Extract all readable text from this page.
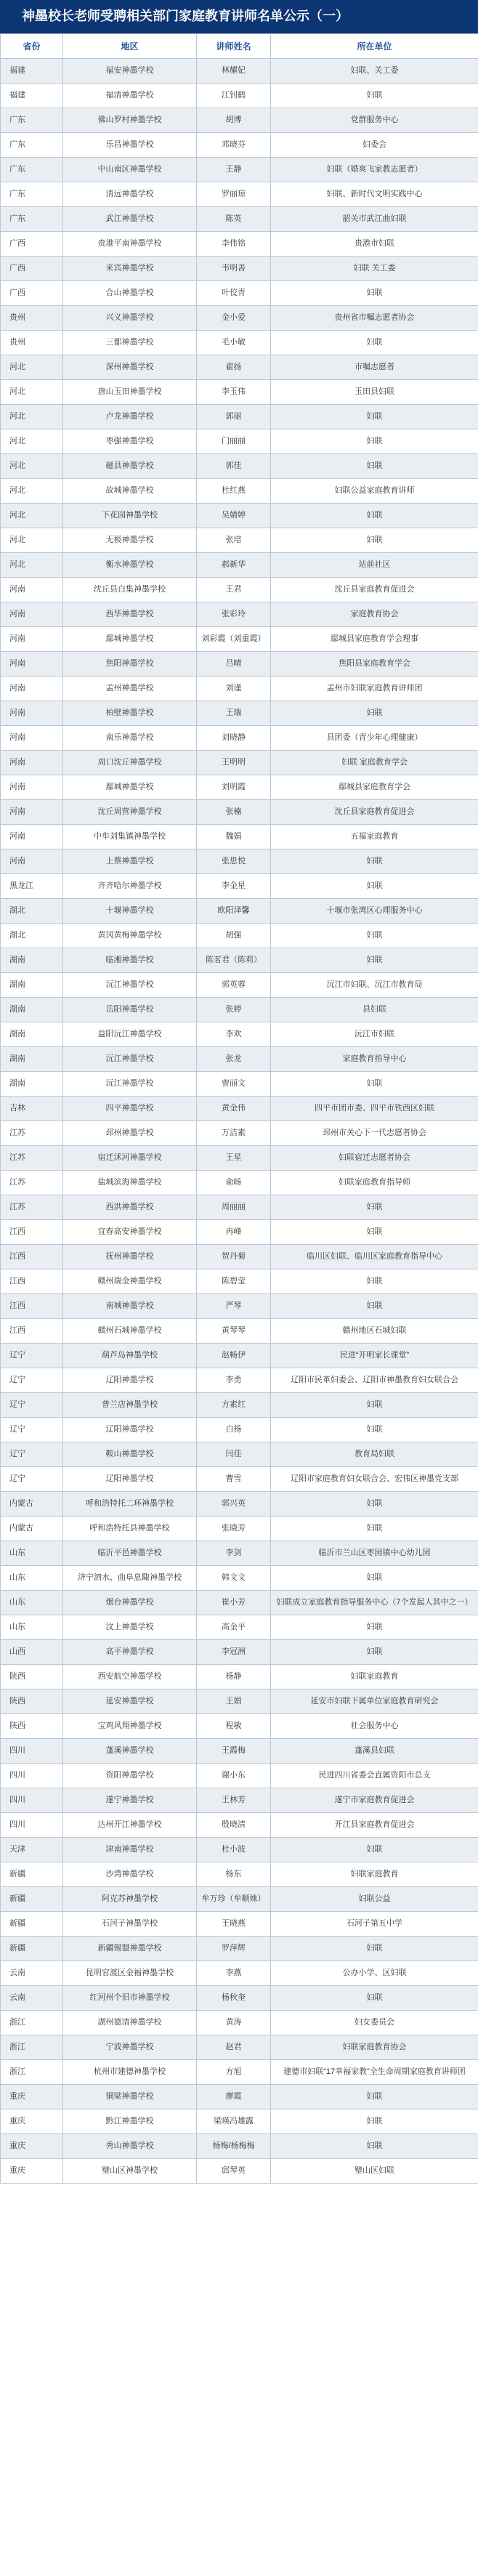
神墨校长老师受聘相关部门家庭教育讲师名单公示（一）
省份	地区	讲师姓名	所在单位
福建	福安神墨学校	林耀妃	妇联、关工委
福建	福清神墨学校	江钊鹤	妇联
广东	佛山罗村神墨学校	胡博	党群服务中心
广东	乐昌神墨学校	邓晓芬	妇委会
广东	中山南区神墨学校	王静	妇联（婚爽飞家教志愿者）
广东	清远神墨学校	罗丽琼	妇联、新时代文明实践中心
广东	武江神墨学校	陈英	韶关市武江曲妇联
广西	贵港平南神墨学校	李伟铭	贵港市妇联
广西	来宾神墨学校	韦明善	妇联 关工委
广西	合山神墨学校	叶佼青	妇联
贵州	兴义神墨学校	金小爱	贵州省市嘱志愿者协会
贵州	三都神墨学校	毛小敏	妇联
河北	深州神墨学校	翟扬	市嘱志愿者
河北	唐山玉田神墨学校	李玉伟	玉田县妇联
河北	卢龙神墨学校	郭丽	妇联
河北	枣强神墨学校	门丽丽	妇联
河北	磁县神墨学校	郭佳	妇联
河北	故城神墨学校	杜红燕	妇联公益家庭教育讲师
河北	下花园神墨学校	吴婧婷	妇联
河北	无极神墨学校	张培	妇联
河北	衡水神墨学校	郝新华	站前社区
河南	沈丘县白集神墨学校	王君	沈丘县家庭教育促进会
河南	西华神墨学校	张彩玲	家庭教育协会
河南	鄢城神墨学校	刘彩霞（刘重霞）	鄢城县家庭教育学会理事
河南	焦阳神墨学校	吕晴	焦阳县家庭教育学会
河南	孟州神墨学校	刘谨	孟州市妇联家庭教育讲师团
河南	柏壁神墨学校	王瑞	妇联
河南	南乐神墨学校	刘晓静	县团委（青少年心理健康）
河南	周口沈丘神墨学校	王明明	妇联 家庭教育学会
河南	鄢城神墨学校	刘明霞	鄢城县家庭教育学会
河南	沈丘周营神墨学校	张楠	沈丘县家庭教育促进会
河南	中牟刘集镇神墨学校	魏娟	五福家庭教育
河南	上蔡神墨学校	张思悦	妇联
黑龙江	齐齐哈尔神墨学校	李金星	妇联
湖北	十堰神墨学校	欧阳泽馨	十堰市张湾区心理服务中心
湖北	黄冈黄梅神墨学校	胡强	妇联
湖南	临湘神墨学校	陈茗君（陈莉）	妇联
湖南	沅江神墨学校	郭英蓉	沅江市妇联、沅江市教育局
湖南	岳阳神墨学校	张婷	县妇联
湖南	益阳沅江神墨学校	李欢	沅江市妇联
湖南	沅江神墨学校	张龙	家庭教育指导中心
湖南	沅江神墨学校	曾丽文	妇联
吉林	四平神墨学校	黄金伟	四平市团市委、四平市铁西区妇联
江苏	邳州神墨学校	万洁素	邳州市关心下一代志愿者协会
江苏	宿迁沭河神墨学校	王星	妇联宿迁志愿者协会
江苏	盐城滨海神墨学校	俞旸	妇联家庭教育指导师
江苏	西洪神墨学校	周丽丽	妇联
江西	宜春高安神墨学校	冉峰	妇联
江西	抚州神墨学校	贺丹菊	临川区妇联、临川区家庭教育指导中心
江西	赣州瑞金神墨学校	陈碧莹	妇联
江西	南城神墨学校	严琴	妇联
江西	赣州石城神墨学校	黄琴琴	赣州地区石城妇联
辽宁	葫芦岛神墨学校	赵畅伊	民进“开明家长课堂”
辽宁	辽阳神墨学校	李勇	辽阳市民革妇委会、辽阳市神墨教育妇女联合会
辽宁	普兰店神墨学校	方素红	妇联
辽宁	辽阳神墨学校	白杨	妇联
辽宁	鞍山神墨学校	闫佳	教育局妇联
辽宁	辽阳神墨学校	曹雪	辽阳市家庭教育妇女联合会、宏伟区神墨党支部
内蒙古	呼和浩特托二环神墨学校	郭兴英	妇联
内蒙古	呼和浩特托县神墨学校	张晓芳	妇联
山东	临沂平邑神墨学校	李剑	临沂市兰山区枣园镇中心幼儿园
山东	济宁泗水、曲阜息陬神墨学校	韩文文	妇联
山东	烟台神墨学校	崔小芳	妇联成立家庭教育指导服务中心（7个发起人其中之一）
山东	汶上神墨学校	高金平	妇联
山西	高平神墨学校	李冠洲	妇联
陕西	西安航空神墨学校	杨静	妇联家庭教育
陕西	延安神墨学校	王娟	延安市妇联下属单位家庭教育研究会
陕西	宝鸡风翔神墨学校	程敏	社会服务中心
四川	蓬溪神墨学校	王霞梅	蓬溪县妇联
四川	资阳神墨学校	谢小东	民进四川省委会直属资阳市总支
四川	遂宁神墨学校	王林芳	遂宁市家庭教育促进会
四川	达州开江神墨学校	殷晓清	开江县家庭教育促进会
天津	津南神墨学校	杜小波	妇联
新疆	沙湾神墨学校	杨东	妇联家庭教育
新疆	阿克苏神墨学校	牟万珍（牟顺姝）	妇联公益
新疆	石河子神墨学校	王晓燕	石河子第五中学
新疆	新疆锡盟神墨学校	罗萍辉	妇联
云南	昆明官渡区金福神墨学校	李燕	公办小学、区妇联
云南	红河州个旧市神墨学校	杨秋奎	妇联
浙江	湖州德清神墨学校	黄涛	妇女委员会
浙江	宁波神墨学校	赵君	妇联家庭教育协会
浙江	杭州市建德神墨学校	方旭	建德市妇联“17幸福家教”全生命周期家庭教育讲师团
重庆	铜梁神墨学校	廖霞	妇联
重庆	黔江神墨学校	梁瑛冯雄露	妇联
重庆	秀山神墨学校	杨梅/杨梅梅	妇联
重庆	璧山区神墨学校	邱琴英	璧山区妇联
